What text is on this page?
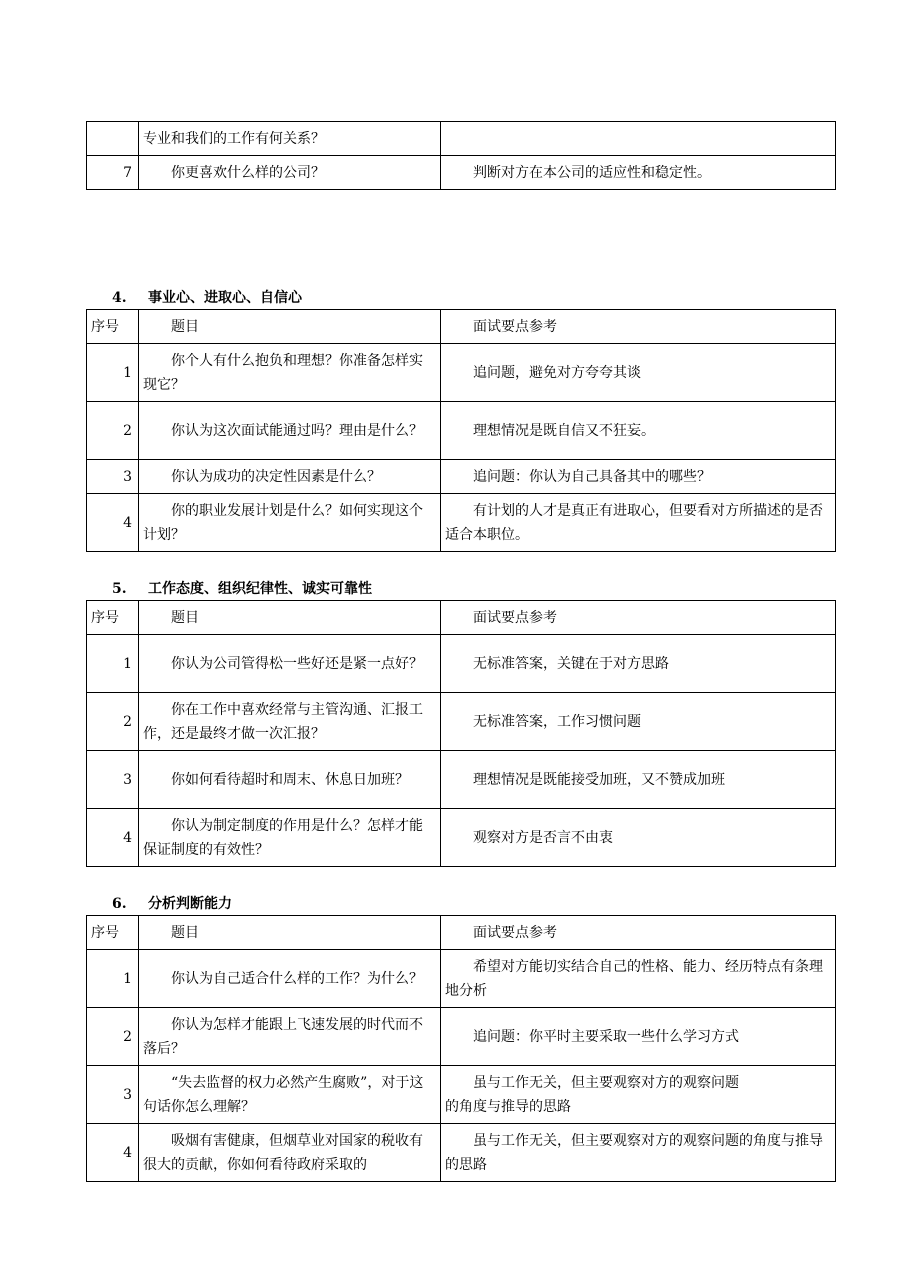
	专业和我们的工作有何关系？	
7	你更喜欢什么样的公司？	判断对方在本公司的适应性和稳定性。
4. 事业心、进取心、自信心
序号	题目	面试要点参考
1	你个人有什么抱负和理想？你准备怎样实现它？	追问题，避免对方夸夸其谈
2	你认为这次面试能通过吗？理由是什么？	理想情况是既自信又不狂妄。
3	你认为成功的决定性因素是什么？	追问题：你认为自己具备其中的哪些？
4	你的职业发展计划是什么？如何实现这个计划？	有计划的人才是真正有进取心，但要看对方所描述的是否适合本职位。
5. 工作态度、组织纪律性、诚实可靠性
序号	题目	面试要点参考
1	你认为公司管得松一些好还是紧一点好？	无标准答案，关键在于对方思路
2	你在工作中喜欢经常与主管沟通、汇报工作，还是最终才做一次汇报？	无标准答案，工作习惯问题
3	你如何看待超时和周末、休息日加班？	理想情况是既能接受加班，又不赞成加班
4	你认为制定制度的作用是什么？怎样才能保证制度的有效性？	观察对方是否言不由衷
6. 分析判断能力
序号	题目	面试要点参考
1	你认为自己适合什么样的工作？为什么？	希望对方能切实结合自己的性格、能力、经历特点有条理地分析
2	你认为怎样才能跟上飞速发展的时代而不落后？	追问题：你平时主要采取一些什么学习方式
3	“失去监督的权力必然产生腐败”，对于这句话你怎么理解？	虽与工作无关，但主要观察对方的观察问题
的角度与推导的思路

4	吸烟有害健康，但烟草业对国家的税收有很大的贡献，你如何看待政府采取的	虽与工作无关，但主要观察对方的观察问题的角度与推导的思路
